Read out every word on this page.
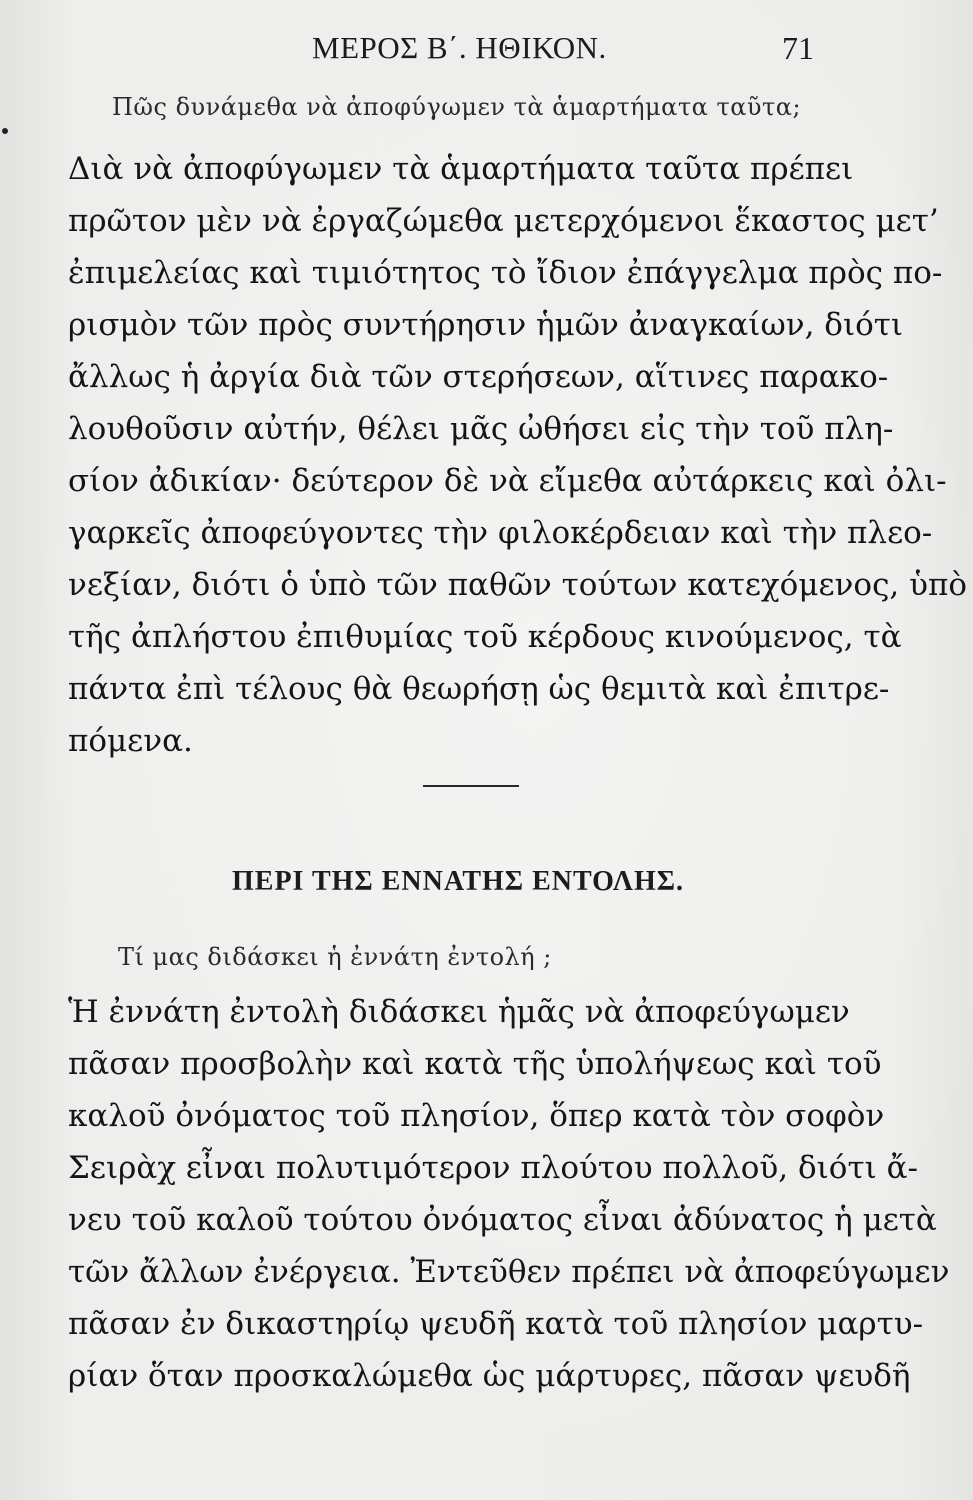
ΜΕΡΟΣ Β΄. ΗΘΙΚΟΝ.	71
Πῶς δυνάμεθα νὰ ἀποφύγωμεν τὰ ἁμαρτήματα ταῦτα;
Διὰ νὰ ἀποφύγωμεν τὰ ἁμαρτήματα ταῦτα πρέπει
πρῶτον μὲν νὰ ἐργαζώμεθα μετερχόμενοι ἕκαστος μετ’
ἐπιμελείας καὶ τιμιότητος τὸ ἴδιον ἐπάγγελμα πρὸς πο-
ρισμὸν τῶν πρὸς συντήρησιν ἡμῶν ἀναγκαίων, διότι
ἄλλως ἡ ἀργία διὰ τῶν στερήσεων, αἵτινες παρακο-
λουθοῦσιν αὐτήν, θέλει μᾶς ὠθήσει εἰς τὴν τοῦ πλη-
σίον ἀδικίαν· δεύτερον δὲ νὰ εἴμεθα αὐτάρκεις καὶ ὀλι-
γαρκεῖς ἀποφεύγοντες τὴν φιλοκέρδειαν καὶ τὴν πλεο-
νεξίαν, διότι ὁ ὑπὸ τῶν παθῶν τούτων κατεχόμενος, ὑπὸ
τῆς ἀπλήστου ἐπιθυμίας τοῦ κέρδους κινούμενος, τὰ
πάντα ἐπὶ τέλους θὰ θεωρήσῃ ὡς θεμιτὰ καὶ ἐπιτρε-
πόμενα.
ΠΕΡΙ ΤΗΣ ΕΝΝΑΤΗΣ ΕΝΤΟΛΗΣ.
Τί μας διδάσκει ἡ ἐννάτη ἐντολή ;
Ἡ ἐννάτη ἐντολὴ διδάσκει ἡμᾶς νὰ ἀποφεύγωμεν
πᾶσαν προσβολὴν καὶ κατὰ τῆς ὑπολήψεως καὶ τοῦ
καλοῦ ὀνόματος τοῦ πλησίον, ὅπερ κατὰ τὸν σοφὸν
Σειρὰχ εἶναι πολυτιμότερον πλούτου πολλοῦ, διότι ἄ-
νευ τοῦ καλοῦ τούτου ὀνόματος εἶναι ἀδύνατος ἡ μετὰ
τῶν ἄλλων ἐνέργεια. Ἐντεῦθεν πρέπει νὰ ἀποφεύγωμεν
πᾶσαν ἐν δικαστηρίῳ ψευδῆ κατὰ τοῦ πλησίον μαρτυ-
ρίαν ὅταν προσκαλώμεθα ὡς μάρτυρες, πᾶσαν ψευδῆ
